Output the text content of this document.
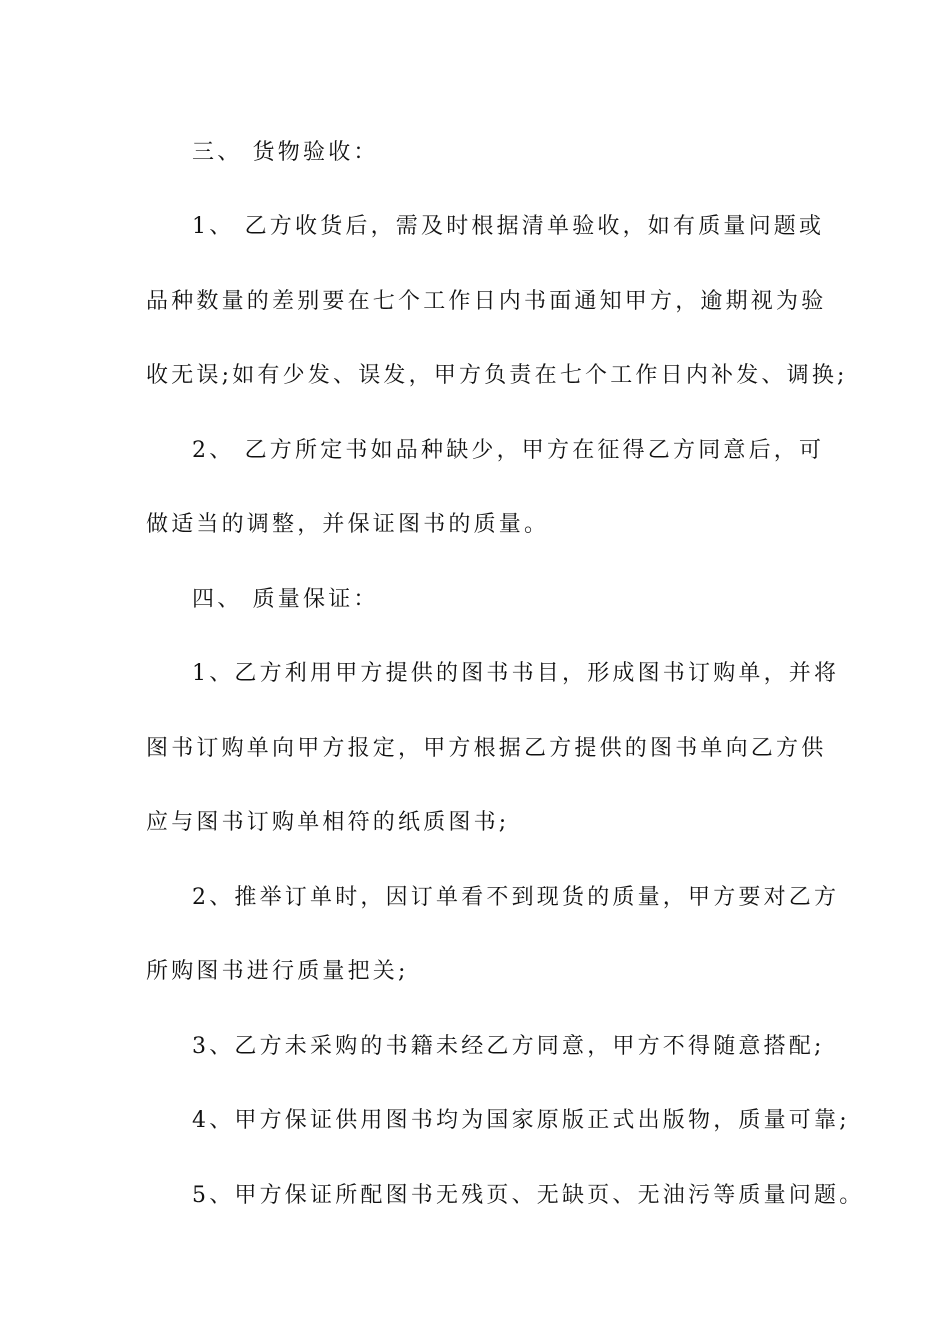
三、 货物验收：
1、 乙方收货后，需及时根据清单验收，如有质量问题或
品种数量的差别要在七个工作日内书面通知甲方，逾期视为验
收无误;如有少发、误发，甲方负责在七个工作日内补发、调换;
2、 乙方所定书如品种缺少，甲方在征得乙方同意后，可
做适当的调整，并保证图书的质量。
四、 质量保证：
1、乙方利用甲方提供的图书书目，形成图书订购单，并将
图书订购单向甲方报定，甲方根据乙方提供的图书单向乙方供
应与图书订购单相符的纸质图书;
2、推举订单时，因订单看不到现货的质量，甲方要对乙方
所购图书进行质量把关;
3、乙方未采购的书籍未经乙方同意，甲方不得随意搭配;
4、甲方保证供用图书均为国家原版正式出版物，质量可靠;
5、甲方保证所配图书无残页、无缺页、无油污等质量问题。
